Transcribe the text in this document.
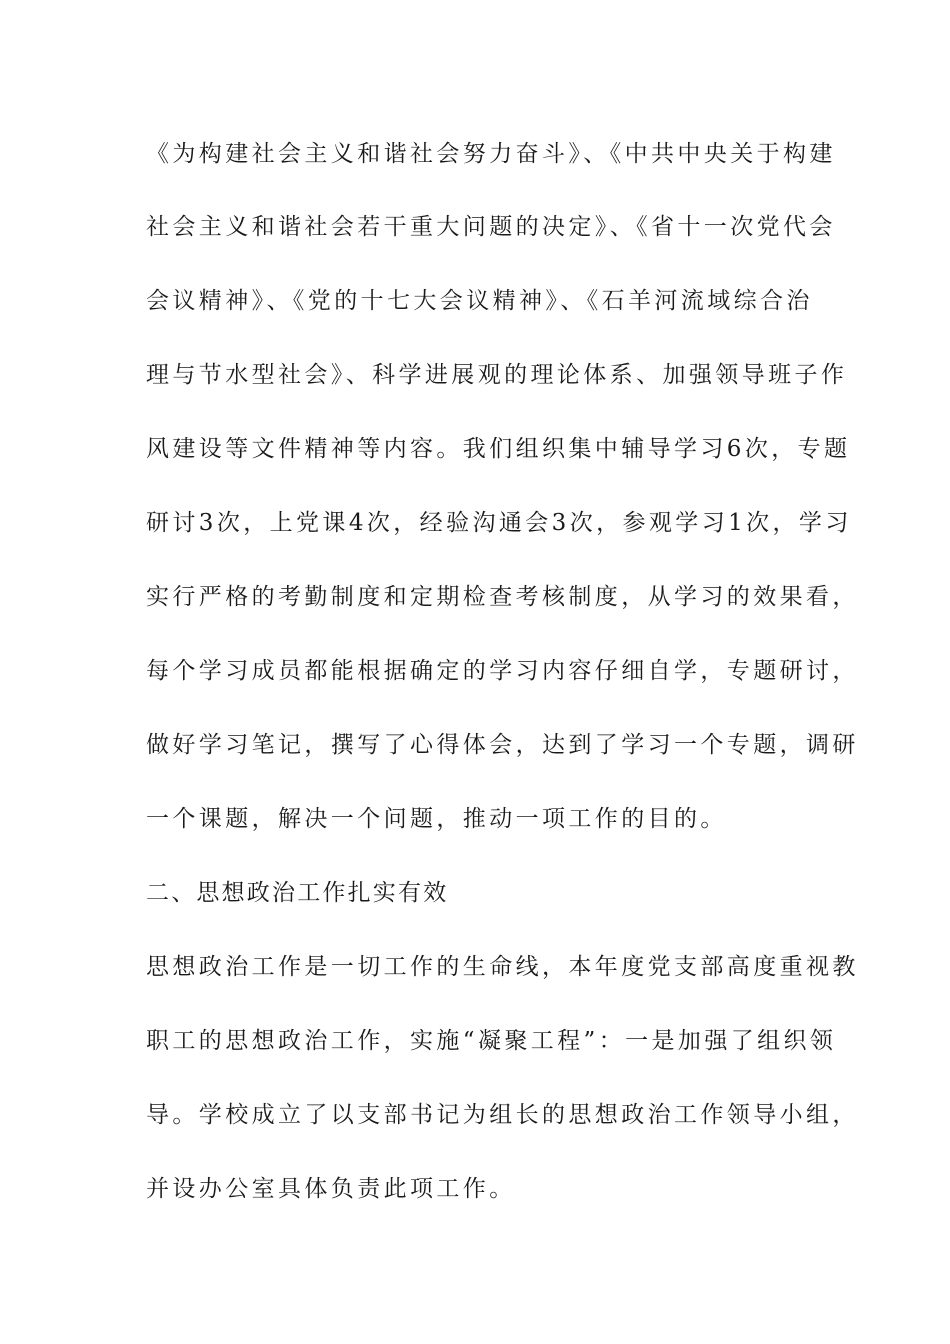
《为构建社会主义和谐社会努力奋斗》、《中共中央关于构建
社会主义和谐社会若干重大问题的决定》、《省十一次党代会
会议精神》、《党的十七大会议精神》、《石羊河流域综合治
理与节水型社会》、科学进展观的理论体系、加强领导班子作
风建设等文件精神等内容。我们组织集中辅导学习6次，专题
研讨3次，上党课4次，经验沟通会3次，参观学习1次，学习
实行严格的考勤制度和定期检查考核制度，从学习的效果看，
每个学习成员都能根据确定的学习内容仔细自学，专题研讨，
做好学习笔记，撰写了心得体会，达到了学习一个专题，调研
一个课题，解决一个问题，推动一项工作的目的。
二、思想政治工作扎实有效
思想政治工作是一切工作的生命线，本年度党支部高度重视教
职工的思想政治工作，实施“凝聚工程”：一是加强了组织领
导。学校成立了以支部书记为组长的思想政治工作领导小组，
并设办公室具体负责此项工作。
